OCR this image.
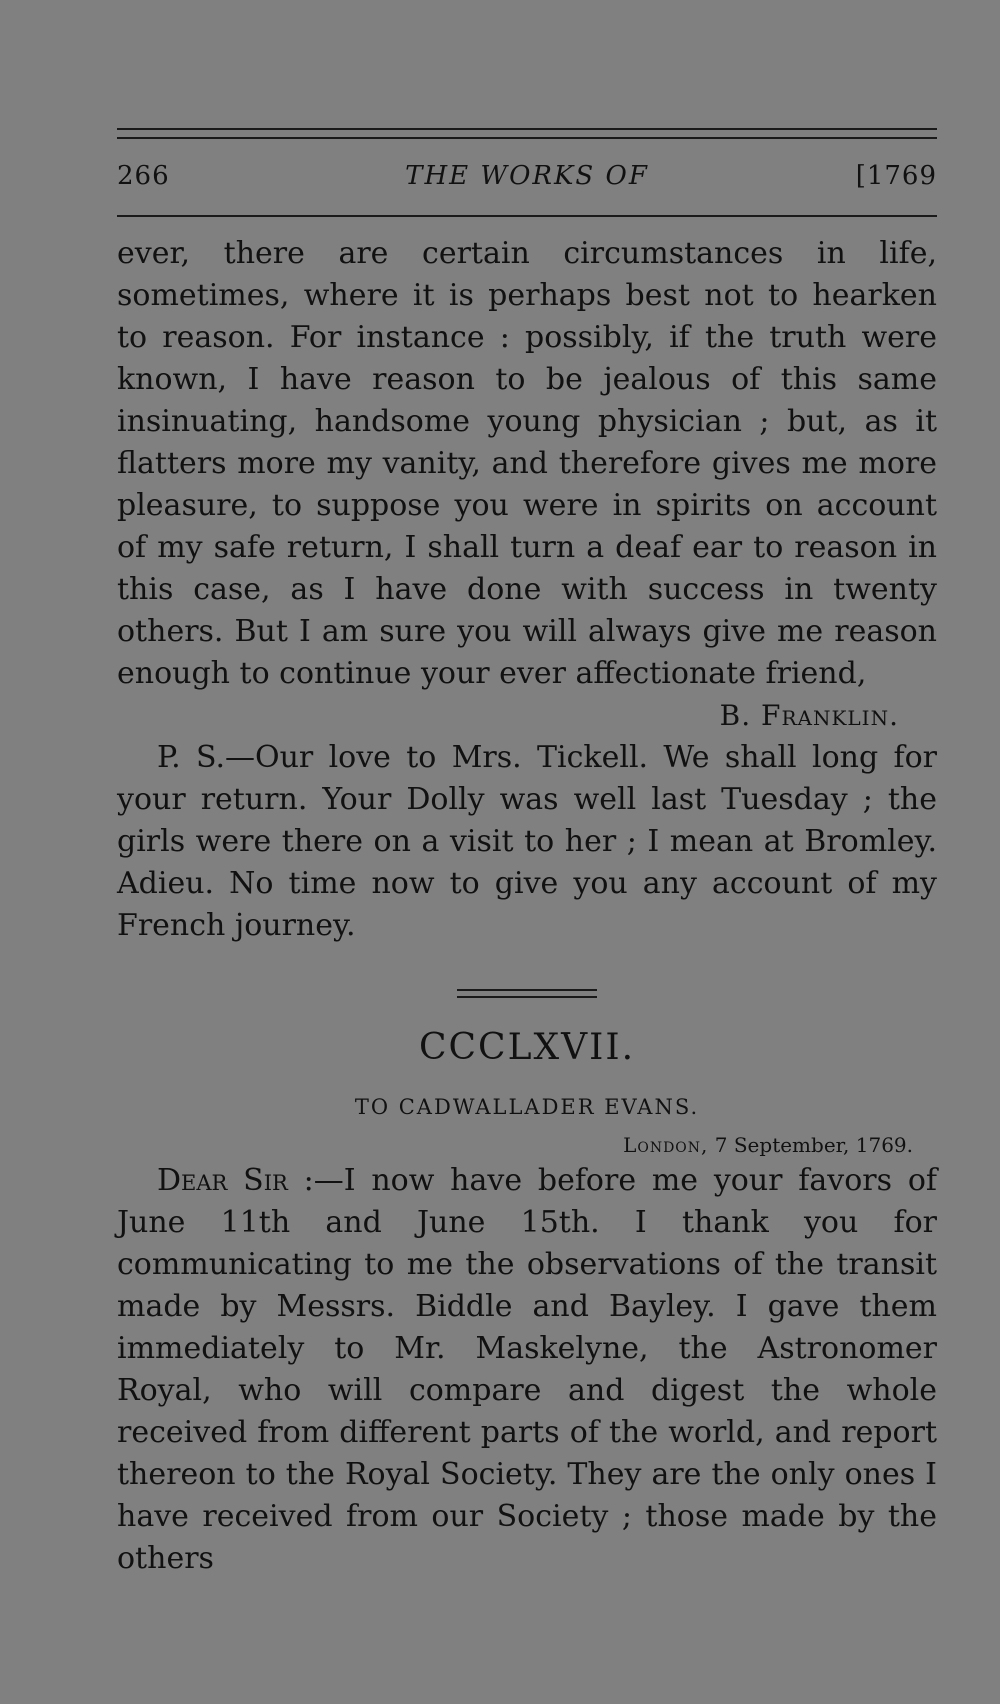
266	THE WORKS OF	[1769

ever, there are certain circumstances in life, sometimes, where it is perhaps best not to hearken to reason. For instance : possibly, if the truth were known, I have reason to be jealous of this same insinuating, handsome young physician ; but, as it flatters more my vanity, and therefore gives me more pleasure, to suppose you were in spirits on account of my safe return, I shall turn a deaf ear to reason in this case, as I have done with success in twenty others. But I am sure you will always give me reason enough to continue your ever affectionate friend,

B. Franklin.

P. S.—Our love to Mrs. Tickell. We shall long for your return. Your Dolly was well last Tuesday ; the girls were there on a visit to her ; I mean at Bromley. Adieu. No time now to give you any account of my French journey.

CCCLXVII.
TO CADWALLADER EVANS.
London, 7 September, 1769.

Dear Sir :—I now have before me your favors of June 11th and June 15th. I thank you for communicating to me the observations of the transit made by Messrs. Biddle and Bayley. I gave them immediately to Mr. Maskelyne, the Astronomer Royal, who will compare and digest the whole received from different parts of the world, and report thereon to the Royal Society. They are the only ones I have received from our Society ; those made by the others
